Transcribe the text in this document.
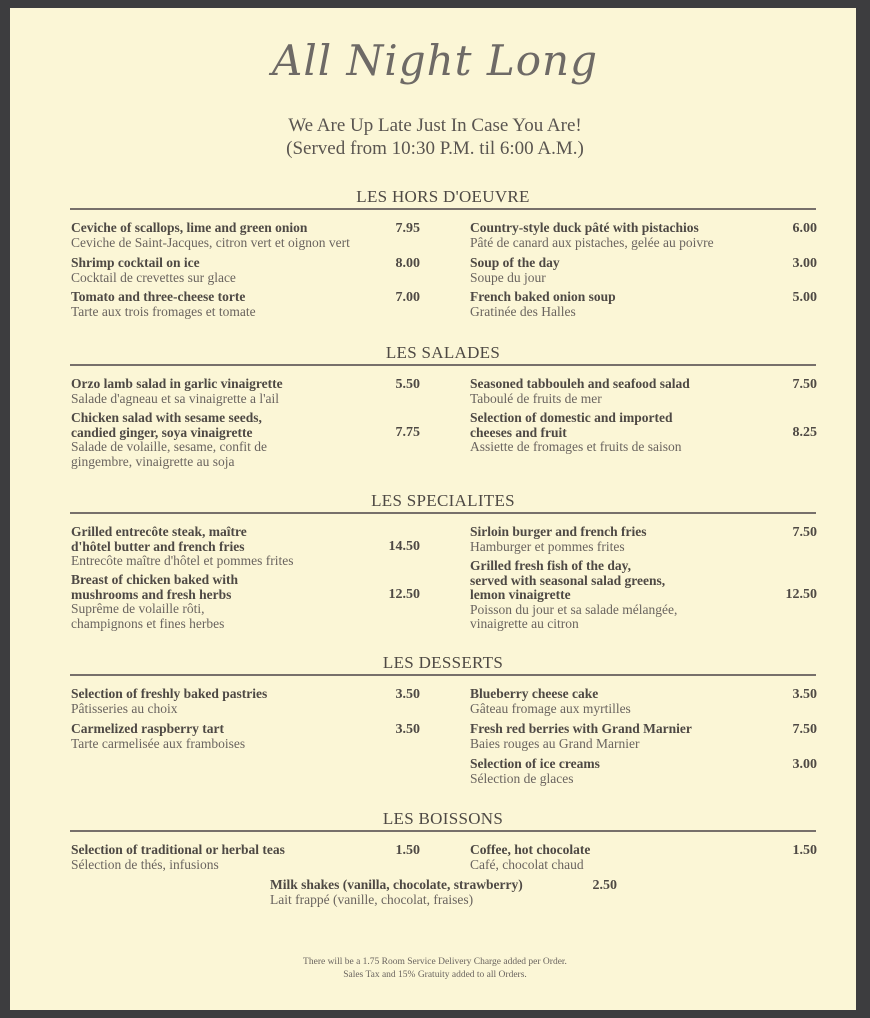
All Night Long
We Are Up Late Just In Case You Are!
(Served from 10:30 P.M. til 6:00 A.M.)
LES HORS D'OEUVRE
Ceviche of scallops, lime and green onion
Ceviche de Saint-Jacques, citron vert et oignon vert
7.95
Shrimp cocktail on ice
Cocktail de crevettes sur glace
8.00
Tomato and three-cheese torte
Tarte aux trois fromages et tomate
7.00
Country-style duck pâté with pistachios
Pâté de canard aux pistaches, gelée au poivre
6.00
Soup of the day
Soupe du jour
3.00
French baked onion soup
Gratinée des Halles
5.00
LES SALADES
Orzo lamb salad in garlic vinaigrette
Salade d'agneau et sa vinaigrette a l'ail
5.50
Chicken salad with sesame seeds,
candied ginger, soya vinaigrette
Salade de volaille, sesame, confit de
gingembre, vinaigrette au soja
7.75
Seasoned tabbouleh and seafood salad
Taboulé de fruits de mer
7.50
Selection of domestic and imported
cheeses and fruit
Assiette de fromages et fruits de saison
8.25
LES SPECIALITES
Grilled entrecôte steak, maître
d'hôtel butter and french fries
Entrecôte maître d'hôtel et pommes frites
14.50
Breast of chicken baked with
mushrooms and fresh herbs
Suprême de volaille rôti,
champignons et fines herbes
12.50
Sirloin burger and french fries
Hamburger et pommes frites
7.50
Grilled fresh fish of the day,
served with seasonal salad greens,
lemon vinaigrette
Poisson du jour et sa salade mélangée,
vinaigrette au citron
12.50
LES DESSERTS
Selection of freshly baked pastries
Pâtisseries au choix
3.50
Carmelized raspberry tart
Tarte carmelisée aux framboises
3.50
Blueberry cheese cake
Gâteau fromage aux myrtilles
3.50
Fresh red berries with Grand Marnier
Baies rouges au Grand Marnier
7.50
Selection of ice creams
Sélection de glaces
3.00
LES BOISSONS
Selection of traditional or herbal teas
Sélection de thés, infusions
1.50	Coffee, hot chocolate
Café, chocolat chaud
1.50
Milk shakes (vanilla, chocolate, strawberry)
Lait frappé (vanille, chocolat, fraises)
2.50
There will be a 1.75 Room Service Delivery Charge added per Order.
Sales Tax and 15% Gratuity added to all Orders.
